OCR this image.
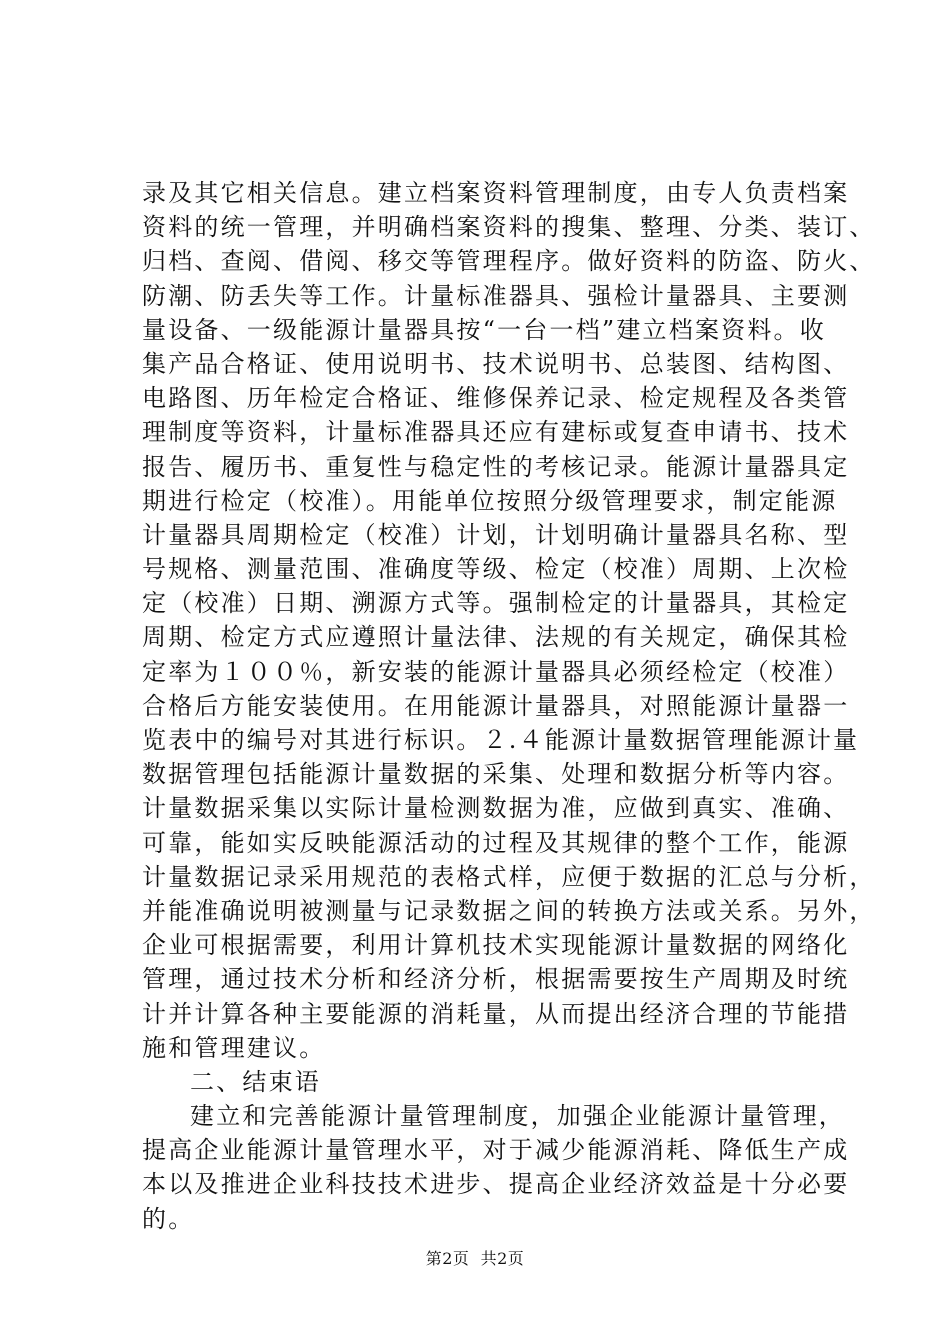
录及其它相关信息。建立档案资料管理制度，由专人负责档案
资料的统一管理，并明确档案资料的搜集、整理、分类、装订、
归档、查阅、借阅、移交等管理程序。做好资料的防盗、防火、
防潮、防丢失等工作。计量标准器具、强检计量器具、主要测
量设备、一级能源计量器具按“一台一档”建立档案资料。收
集产品合格证、使用说明书、技术说明书、总装图、结构图、
电路图、历年检定合格证、维修保养记录、检定规程及各类管
理制度等资料，计量标准器具还应有建标或复查申请书、技术
报告、履历书、重复性与稳定性的考核记录。能源计量器具定
期进行检定（校准）。用能单位按照分级管理要求，制定能源
计量器具周期检定（校准）计划，计划明确计量器具名称、型
号规格、测量范围、准确度等级、检定（校准）周期、上次检
定（校准）日期、溯源方式等。强制检定的计量器具，其检定
周期、检定方式应遵照计量法律、法规的有关规定，确保其检
定率为１００％，新安装的能源计量器具必须经检定（校准）
合格后方能安装使用。在用能源计量器具，对照能源计量器一
览表中的编号对其进行标识。２.４能源计量数据管理能源计量
数据管理包括能源计量数据的采集、处理和数据分析等内容。
计量数据采集以实际计量检测数据为准，应做到真实、准确、
可靠，能如实反映能源活动的过程及其规律的整个工作，能源
计量数据记录采用规范的表格式样，应便于数据的汇总与分析，
并能准确说明被测量与记录数据之间的转换方法或关系。另外，
企业可根据需要，利用计算机技术实现能源计量数据的网络化
管理，通过技术分析和经济分析，根据需要按生产周期及时统
计并计算各种主要能源的消耗量，从而提出经济合理的节能措
施和管理建议。
二、结束语
建立和完善能源计量管理制度，加强企业能源计量管理，
提高企业能源计量管理水平，对于减少能源消耗、降低生产成
本以及推进企业科技技术进步、提高企业经济效益是十分必要
的。
第2页  共2页
